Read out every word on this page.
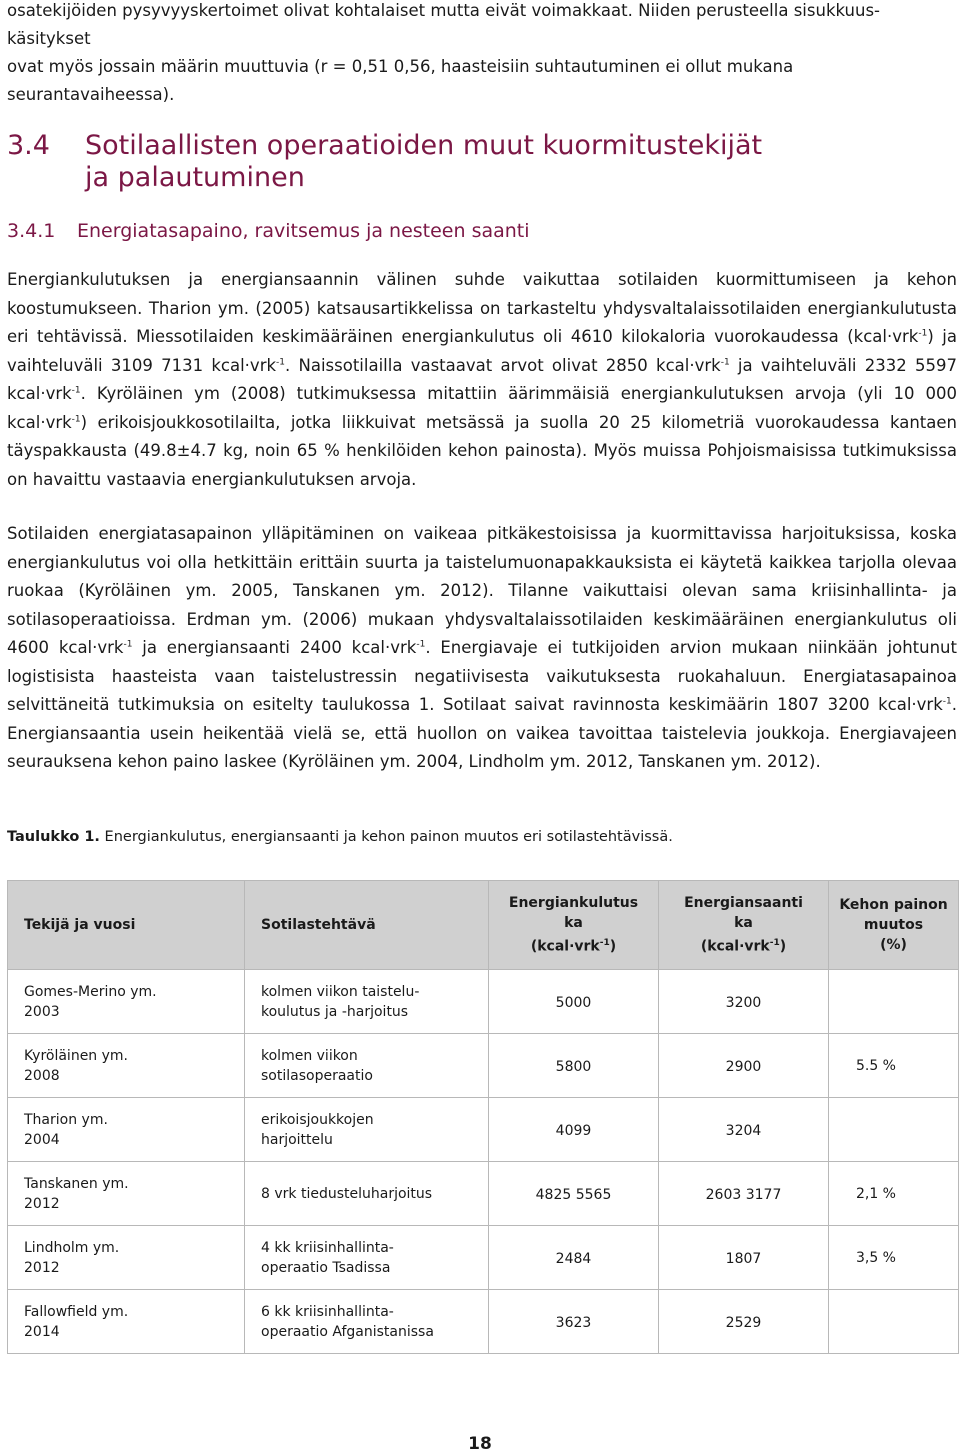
osatekijöiden pysyvyyskertoimet olivat kohtalaiset mutta eivät voimakkaat. Niiden perusteella sisukkuus-käsitykset
ovat myös jossain määrin muuttuvia (r = 0,51 0,56, haasteisiin suhtautuminen ei ollut mukana seurantavaiheessa).

3.4	Sotilaallisten operaatioiden muut kuormitustekijät
ja palautuminen
3.4.1 Energiatasapaino, ravitsemus ja nesteen saanti

Energiankulutuksen ja energiansaannin välinen suhde vaikuttaa sotilaiden kuormittumiseen ja kehon koostumukseen. Tharion ym. (2005) katsausartikkelissa on tarkasteltu yhdysvaltalaissotilaiden energiankulutusta eri tehtävissä. Miessotilaiden keskimääräinen energiankulutus oli 4610 kilokaloria vuorokaudessa (kcal·vrk$^{-1}$) ja vaihteluväli 3109 7131 kcal·vrk$^{-1}$. Naissotilailla vastaavat arvot olivat 2850 kcal·vrk$^{-1}$ ja vaihteluväli 2332 5597 kcal·vrk$^{-1}$. Kyröläinen ym (2008) tutkimuksessa mitattiin äärimmäisiä energiankulutuksen arvoja (yli 10 000 kcal·vrk$^{-1}$) erikoisjoukkosotilailta, jotka liikkuivat metsässä ja suolla 20 25 kilometriä vuorokaudessa kantaen täyspakkausta (49.8±4.7 kg, noin 65 % henkilöiden kehon painosta). Myös muissa Pohjoismaisissa tutkimuksissa on havaittu vastaavia energiankulutuksen arvoja.

Sotilaiden energiatasapainon ylläpitäminen on vaikeaa pitkäkestoisissa ja kuormittavissa harjoituksissa, koska energiankulutus voi olla hetkittäin erittäin suurta ja taistelumuonapakkauksista ei käytetä kaikkea tarjolla olevaa ruokaa (Kyröläinen ym. 2005, Tanskanen ym. 2012). Tilanne vaikuttaisi olevan sama kriisinhallinta- ja sotilasoperaatioissa. Erdman ym. (2006) mukaan yhdysvaltalaissotilaiden keskimääräinen energiankulutus oli 4600 kcal·vrk$^{-1}$ ja energiansaanti 2400 kcal·vrk$^{-1}$. Energiavaje ei tutkijoiden arvion mukaan niinkään johtunut logistisista haasteista vaan taistelustressin negatiivisesta vaikutuksesta ruokahaluun. Energiatasapainoa selvittäneitä tutkimuksia on esitelty taulukossa 1. Sotilaat saivat ravinnosta keskimäärin 1807 3200 kcal·vrk$^{-1}$. Energiansaantia usein heikentää vielä se, että huollon on vaikea tavoittaa taistelevia joukkoja. Energiavajeen seurauksena kehon paino laskee (Kyröläinen ym. 2004, Lindholm ym. 2012, Tanskanen ym. 2012).

Taulukko 1. Energiankulutus, energiansaanti ja kehon painon muutos eri sotilastehtävissä.

Tekijä ja vuosi	Sotilastehtävä	Energiankulutus
ka
(kcal·vrk$^{-1}$)	Energiansaanti
ka
(kcal·vrk$^{-1}$)	Kehon painon
muutos
(%)

Gomes-Merino ym.
2003	kolmen viikon taistelu-
koulutus ja -harjoitus	5000	3200	

Kyröläinen ym.
2008	kolmen viikon
sotilasoperaatio	5800	2900	5.5 %

Tharion ym.
2004	erikoisjoukkojen
harjoittelu	4099	3204	

Tanskanen ym.
2012	8 vrk tiedusteluharjoitus	4825 5565	2603 3177	2,1 %

Lindholm ym.
2012	4 kk kriisinhallinta-
operaatio Tsadissa	2484	1807	3,5 %

Fallowfield ym.
2014	6 kk kriisinhallinta-
operaatio Afganistanissa	3623	2529	
18
